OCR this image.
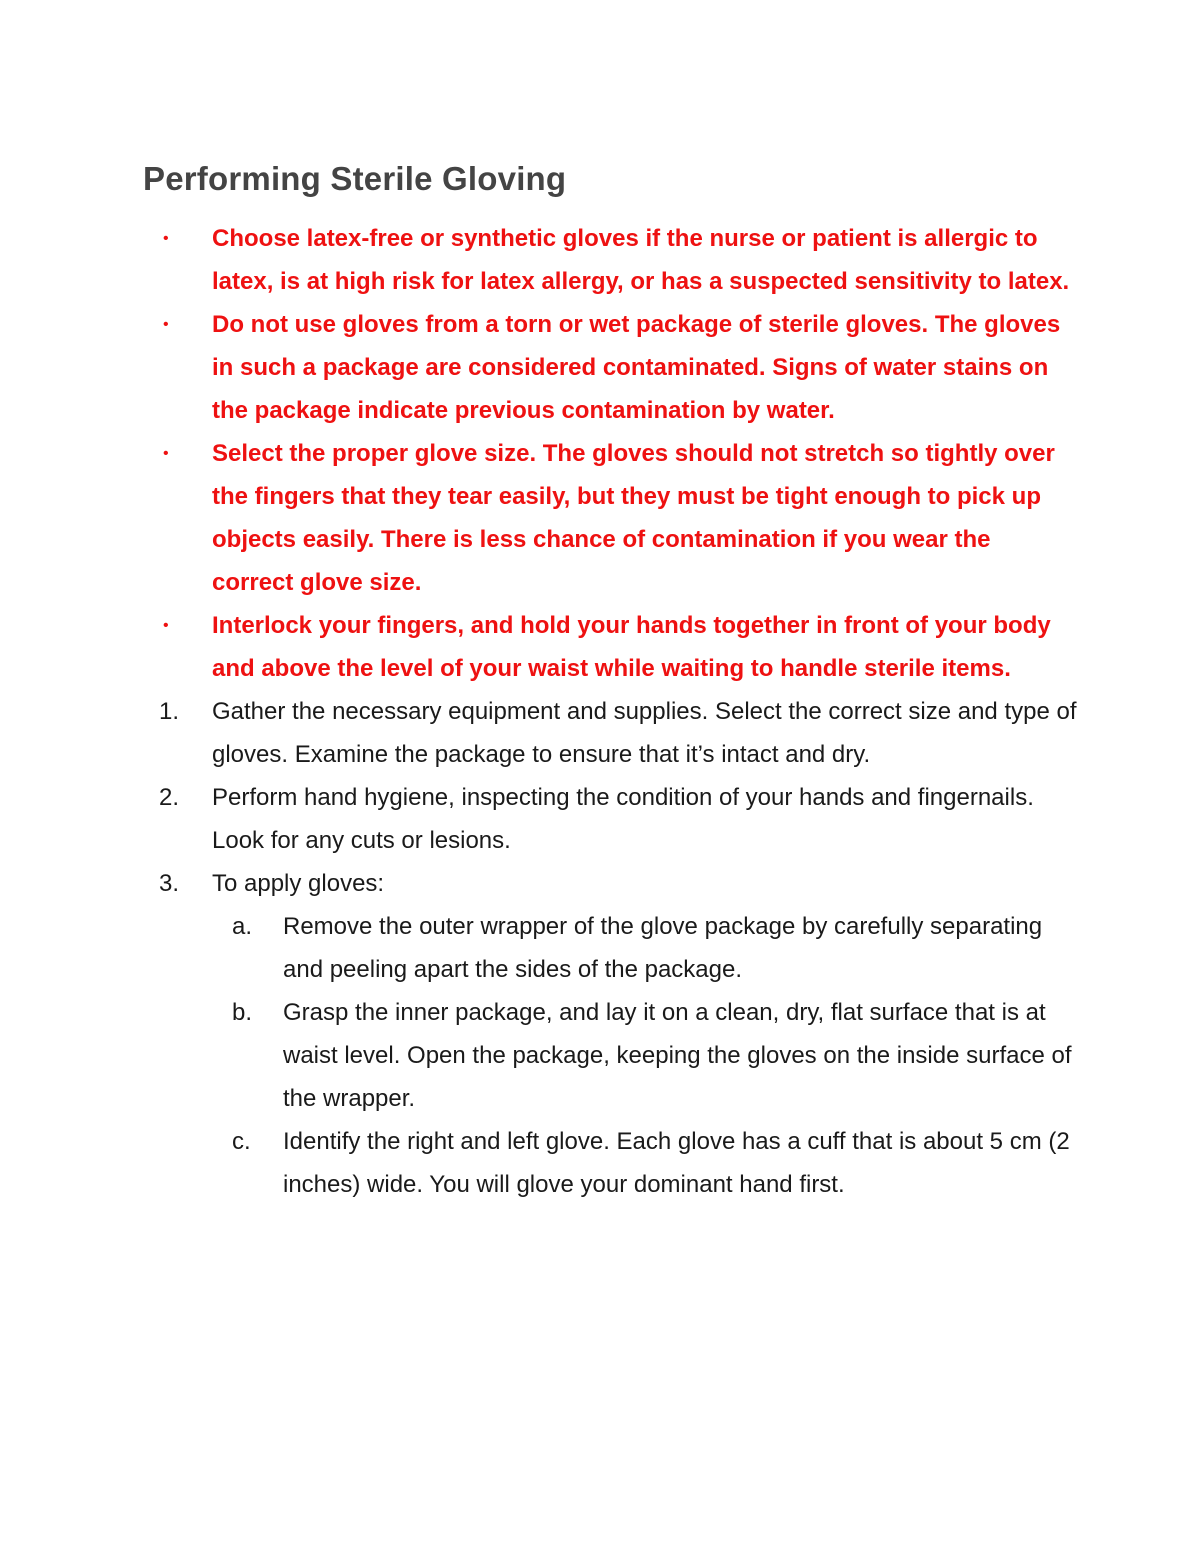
Performing Sterile Gloving
• Choose latex-free or synthetic gloves if the nurse or patient is allergic to latex, is at high risk for latex allergy, or has a suspected sensitivity to latex.
• Do not use gloves from a torn or wet package of sterile gloves. The gloves in such a package are considered contaminated. Signs of water stains on the package indicate previous contamination by water.
• Select the proper glove size. The gloves should not stretch so tightly over the fingers that they tear easily, but they must be tight enough to pick up objects easily. There is less chance of contamination if you wear the correct glove size.
• Interlock your fingers, and hold your hands together in front of your body and above the level of your waist while waiting to handle sterile items.
1. Gather the necessary equipment and supplies. Select the correct size and type of gloves. Examine the package to ensure that it’s intact and dry.
2. Perform hand hygiene, inspecting the condition of your hands and fingernails. Look for any cuts or lesions.
3. To apply gloves:
a. Remove the outer wrapper of the glove package by carefully separating and peeling apart the sides of the package.
b. Grasp the inner package, and lay it on a clean, dry, flat surface that is at waist level. Open the package, keeping the gloves on the inside surface of the wrapper.
c. Identify the right and left glove. Each glove has a cuff that is about 5 cm (2 inches) wide. You will glove your dominant hand first.
